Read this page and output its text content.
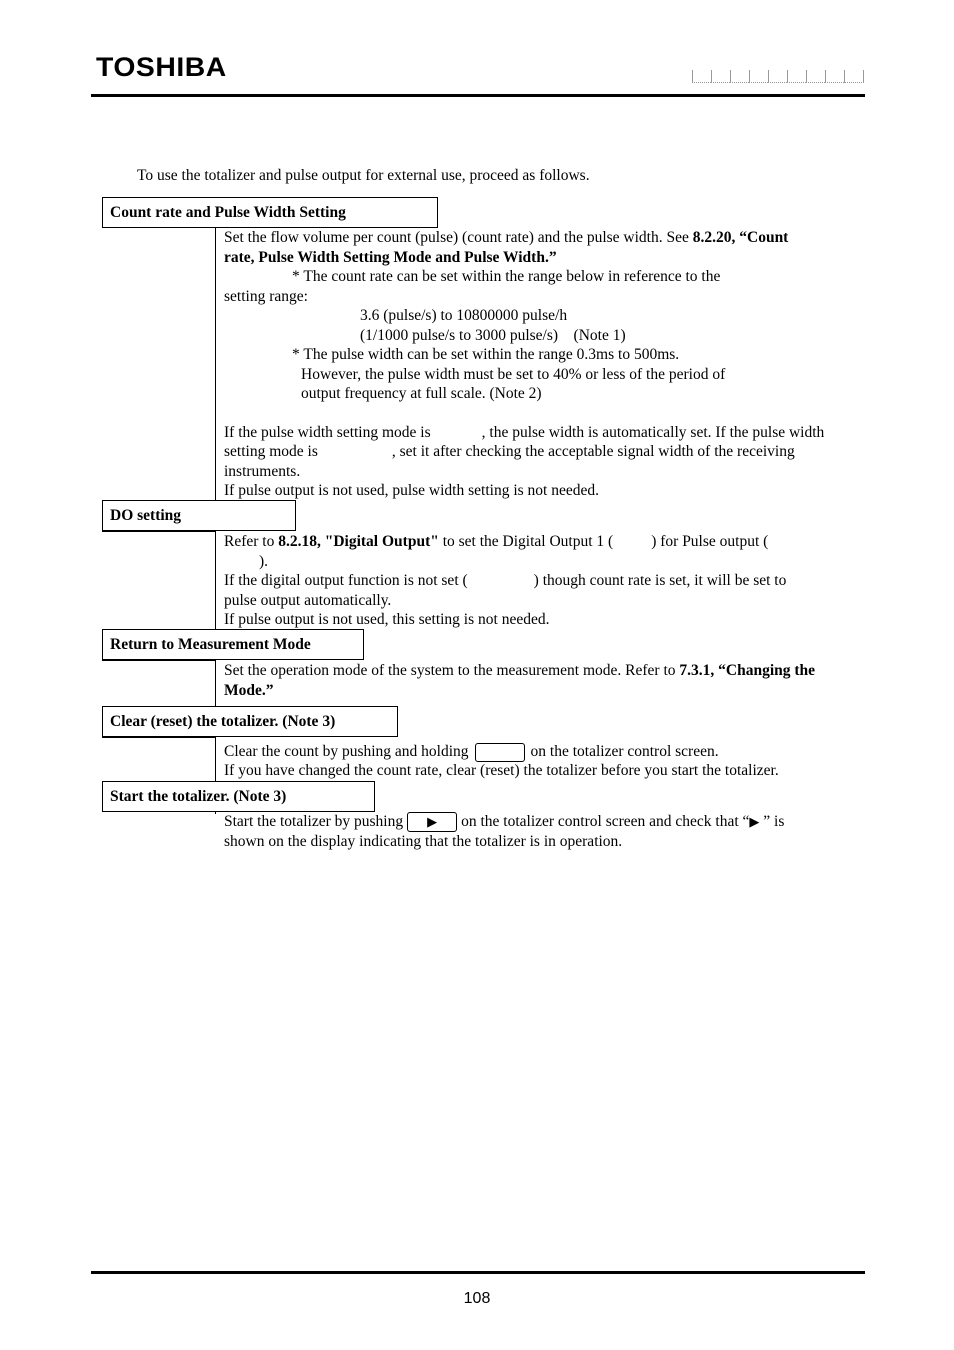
TOSHIBA
To use the totalizer and pulse output for external use, proceed as follows.
Count rate and Pulse Width Setting
Set the flow volume per count (pulse) (count rate) and the pulse width. See 8.2.20, “Count
rate, Pulse Width Setting Mode and Pulse Width.”
* The count rate can be set within the range below in reference to the
setting range:
3.6 (pulse/s) to 10800000 pulse/h
(1/1000 pulse/s to 3000 pulse/s)    (Note 1)
* The pulse width can be set within the range 0.3ms to 500ms.
However, the pulse width must be set to 40% or less of the period of
output frequency at full scale. (Note 2)
If the pulse width setting mode is	, the pulse width is automatically set. If the pulse width
setting mode is	, set it after checking the acceptable signal width of the receiving
instruments.
If pulse output is not used, pulse width setting is not needed.
DO setting
Refer to 8.2.18, "Digital Output" to set the Digital Output 1 ( ) for Pulse output (
).
If the digital output function is not set (	) though count rate is set, it will be set to
pulse output automatically.
If pulse output is not used, this setting is not needed.
Return to Measurement Mode
Set the operation mode of the system to the measurement mode. Refer to 7.3.1, “Changing the
Mode.”
Clear (reset) the totalizer. (Note 3)
Clear the count by pushing and holding	on the totalizer control screen.
If you have changed the count rate, clear (reset) the totalizer before you start the totalizer.
Start the totalizer. (Note 3)
Start the totalizer by pushing ▶ on the totalizer control screen and check that “▶ ” is
shown on the display indicating that the totalizer is in operation.
108
